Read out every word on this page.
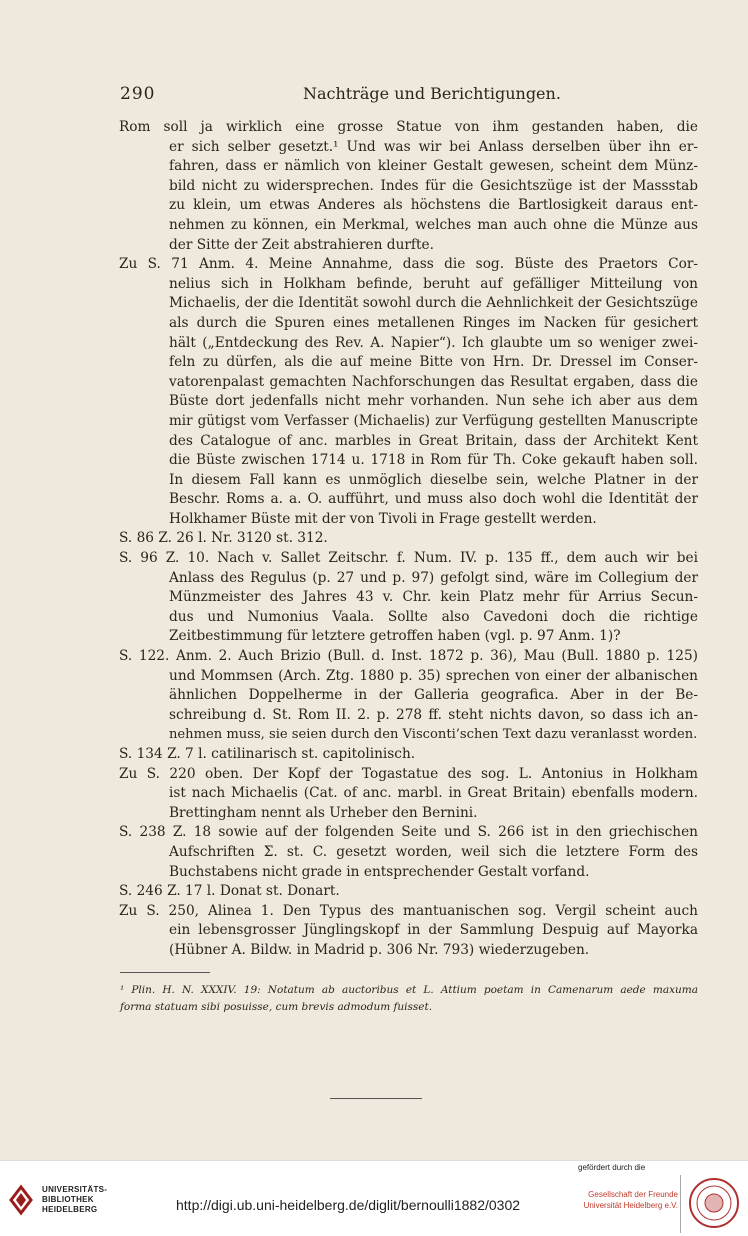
290	Nachträge und Berichtigungen.
Rom soll ja wirklich eine grosse Statue von ihm gestanden haben, die
er sich selber gesetzt.¹ Und was wir bei Anlass derselben über ihn er-
fahren, dass er nämlich von kleiner Gestalt gewesen, scheint dem Münz-
bild nicht zu widersprechen. Indes für die Gesichtszüge ist der Massstab
zu klein, um etwas Anderes als höchstens die Bartlosigkeit daraus ent-
nehmen zu können, ein Merkmal, welches man auch ohne die Münze aus
der Sitte der Zeit abstrahieren durfte.
Zu S. 71 Anm. 4. Meine Annahme, dass die sog. Büste des Praetors Cor-
nelius sich in Holkham befinde, beruht auf gefälliger Mitteilung von
Michaelis, der die Identität sowohl durch die Aehnlichkeit der Gesichtszüge
als durch die Spuren eines metallenen Ringes im Nacken für gesichert
hält („Entdeckung des Rev. A. Napier“). Ich glaubte um so weniger zwei-
feln zu dürfen, als die auf meine Bitte von Hrn. Dr. Dressel im Conser-
vatorenpalast gemachten Nachforschungen das Resultat ergaben, dass die
Büste dort jedenfalls nicht mehr vorhanden. Nun sehe ich aber aus dem
mir gütigst vom Verfasser (Michaelis) zur Verfügung gestellten Manuscripte
des Catalogue of anc. marbles in Great Britain, dass der Architekt Kent
die Büste zwischen 1714 u. 1718 in Rom für Th. Coke gekauft haben soll.
In diesem Fall kann es unmöglich dieselbe sein, welche Platner in der
Beschr. Roms a. a. O. aufführt, und muss also doch wohl die Identität der
Holkhamer Büste mit der von Tivoli in Frage gestellt werden.
S. 86 Z. 26 l. Nr. 3120 st. 312.
S. 96 Z. 10. Nach v. Sallet Zeitschr. f. Num. IV. p. 135 ff., dem auch wir bei
Anlass des Regulus (p. 27 und p. 97) gefolgt sind, wäre im Collegium der
Münzmeister des Jahres 43 v. Chr. kein Platz mehr für Arrius Secun-
dus und Numonius Vaala. Sollte also Cavedoni doch die richtige
Zeitbestimmung für letztere getroffen haben (vgl. p. 97 Anm. 1)?
S. 122. Anm. 2. Auch Brizio (Bull. d. Inst. 1872 p. 36), Mau (Bull. 1880 p. 125)
und Mommsen (Arch. Ztg. 1880 p. 35) sprechen von einer der albanischen
ähnlichen Doppelherme in der Galleria geografica. Aber in der Be-
schreibung d. St. Rom II. 2. p. 278 ff. steht nichts davon, so dass ich an-
nehmen muss, sie seien durch den Visconti’schen Text dazu veranlasst worden.
S. 134 Z. 7 l. catilinarisch st. capitolinisch.
Zu S. 220 oben. Der Kopf der Togastatue des sog. L. Antonius in Holkham
ist nach Michaelis (Cat. of anc. marbl. in Great Britain) ebenfalls modern.
Brettingham nennt als Urheber den Bernini.
S. 238 Z. 18 sowie auf der folgenden Seite und S. 266 ist in den griechischen
Aufschriften Σ. st. C. gesetzt worden, weil sich die letztere Form des
Buchstabens nicht grade in entsprechender Gestalt vorfand.
S. 246 Z. 17 l. Donat st. Donart.
Zu S. 250, Alinea 1. Den Typus des mantuanischen sog. Vergil scheint auch
ein lebensgrosser Jünglingskopf in der Sammlung Despuig auf Mayorka
(Hübner A. Bildw. in Madrid p. 306 Nr. 793) wiederzugeben.
¹ Plin. H. N. XXXIV. 19: Notatum ab auctoribus et L. Attium poetam in Camenarum aede maxuma
forma statuam sibi posuisse, cum brevis admodum fuisset.
UNIVERSITÄTS-
BIBLIOTHEK
HEIDELBERG	http://digi.ub.uni-heidelberg.de/diglit/bernoulli1882/0302
gefördert durch die
Gesellschaft der Freunde
Universität Heidelberg e.V.
